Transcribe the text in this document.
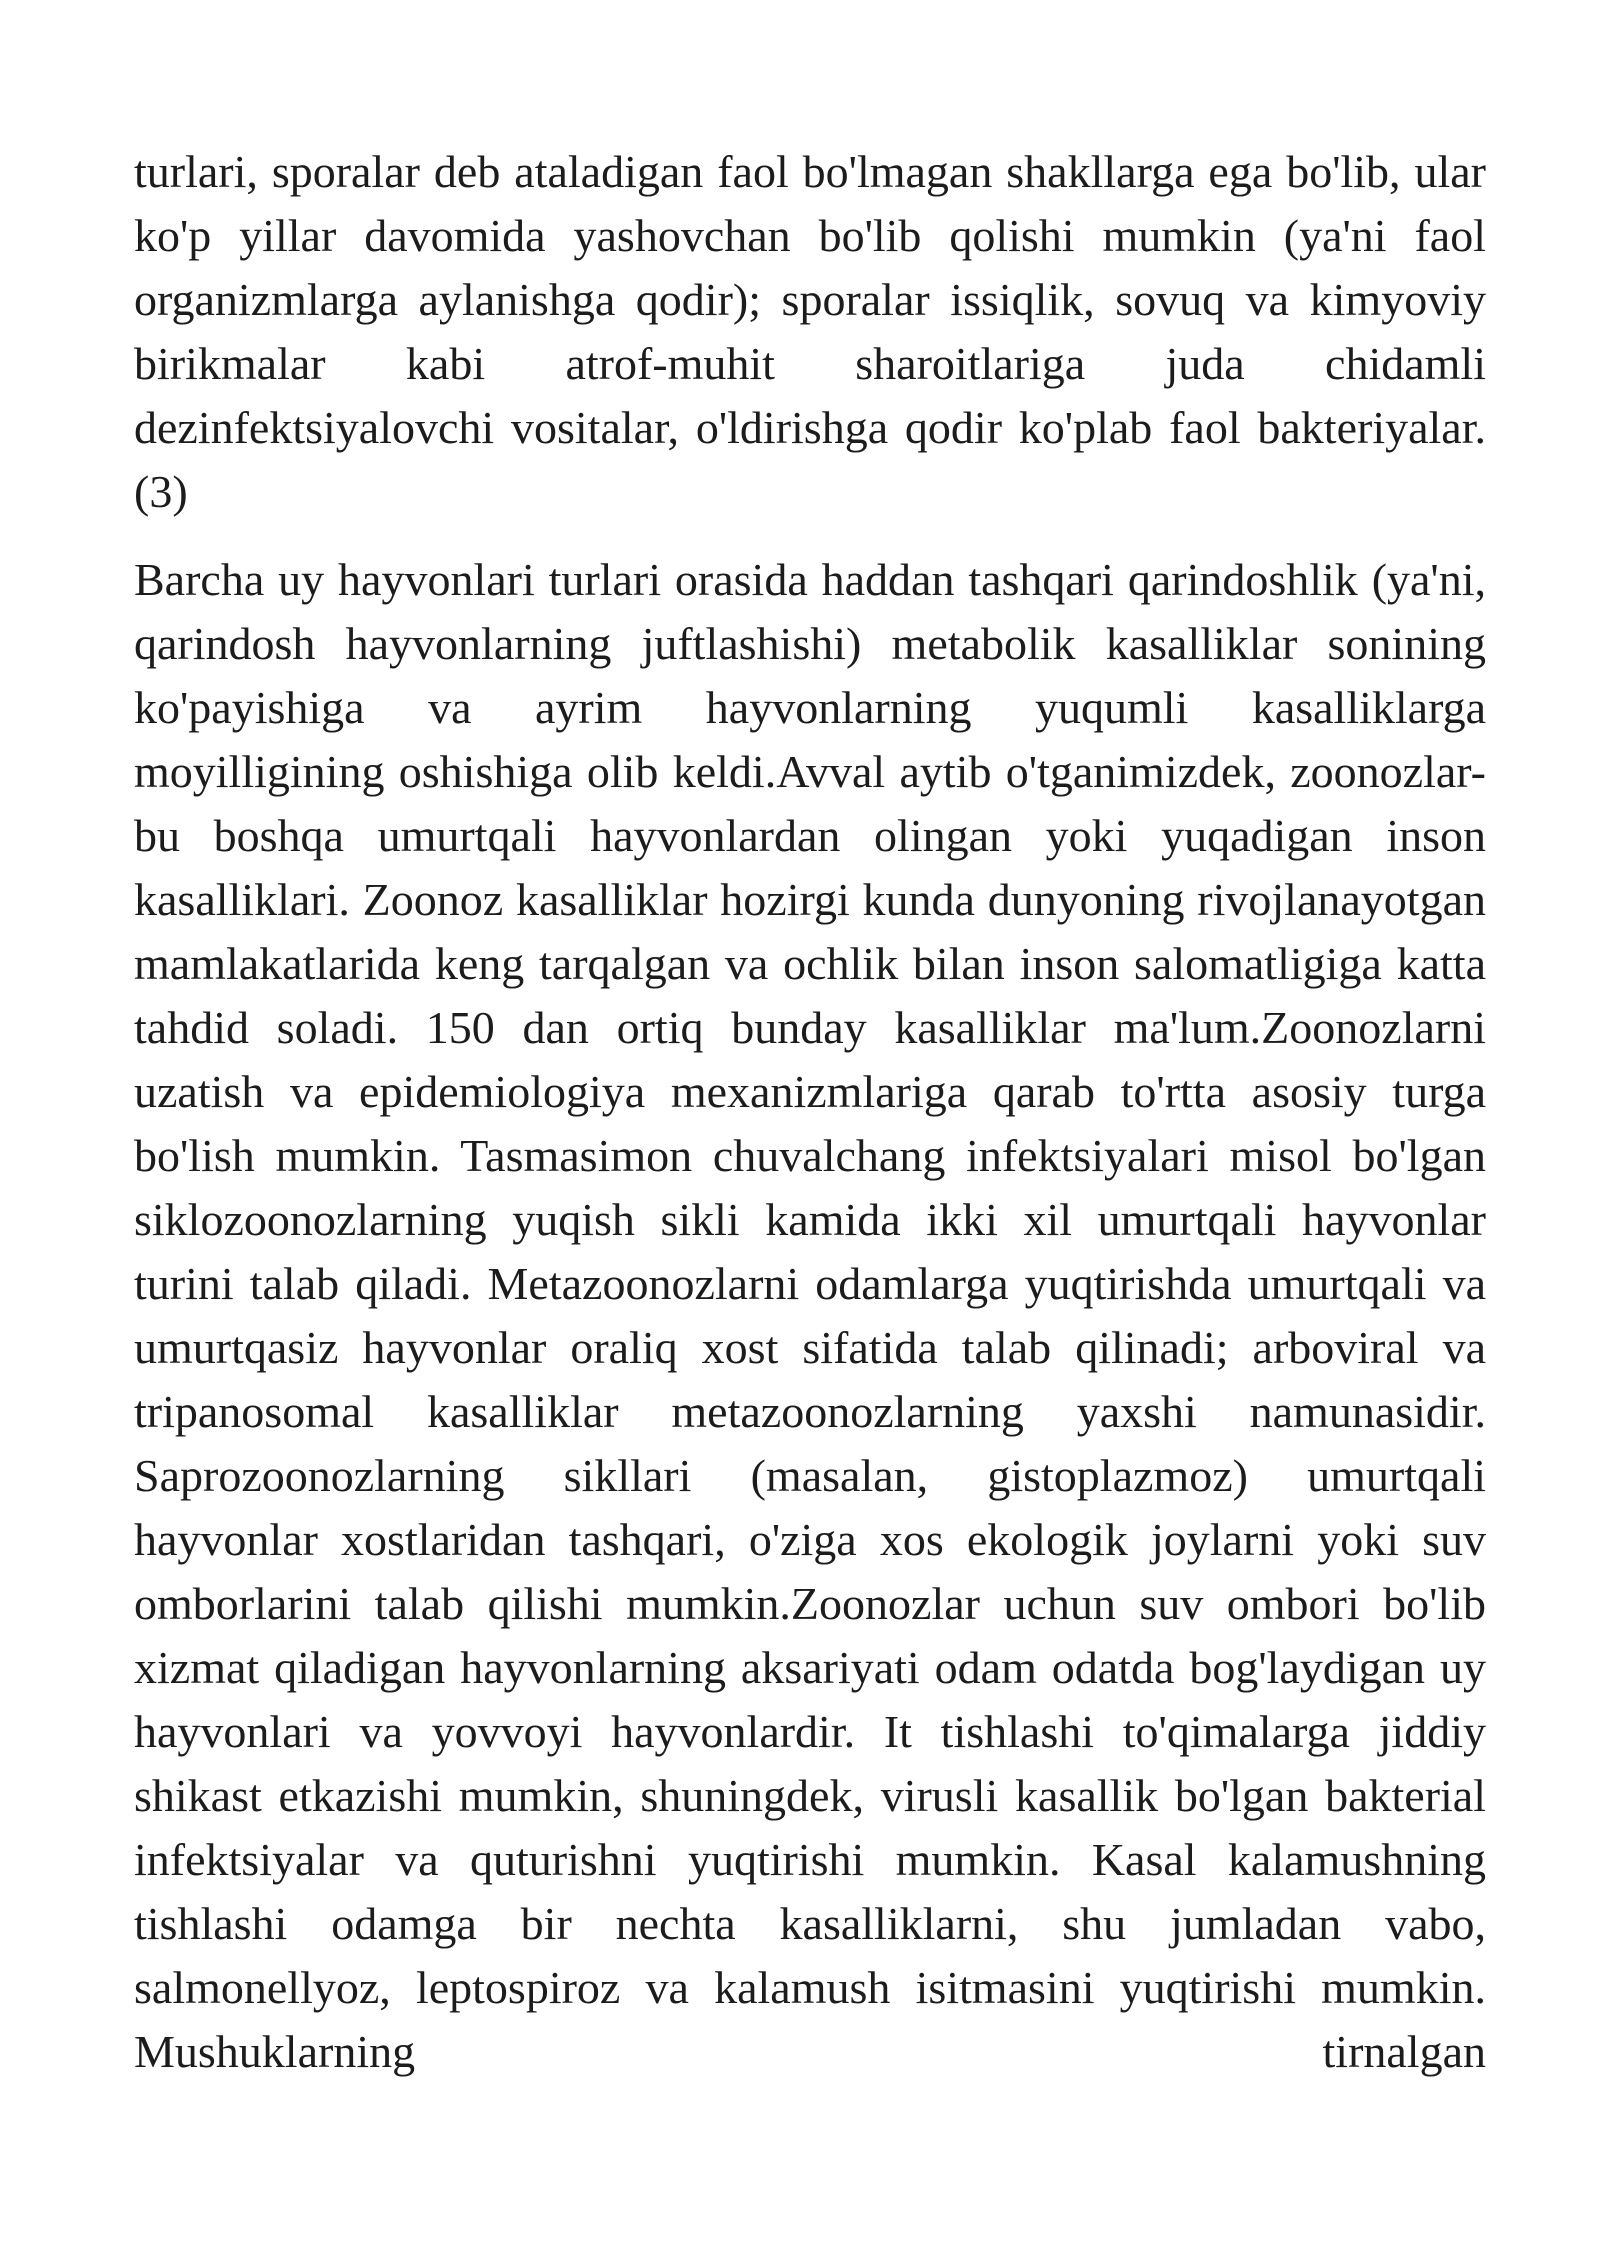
turlari, sporalar deb ataladigan faol bo'lmagan shakllarga ega bo'lib, ular ko'p yillar davomida yashovchan bo'lib qolishi mumkin (ya'ni faol organizmlarga aylanishga qodir); sporalar issiqlik, sovuq va kimyoviy birikmalar kabi atrof-muhit sharoitlariga juda chidamli dezinfektsiyalovchi vositalar, o'ldirishga qodir ko'plab faol bakteriyalar. (3)

Barcha uy hayvonlari turlari orasida haddan tashqari qarindoshlik (ya'ni, qarindosh hayvonlarning juftlashishi) metabolik kasalliklar sonining ko'payishiga va ayrim hayvonlarning yuqumli kasalliklarga moyilligining oshishiga olib keldi.Avval aytib o'tganimizdek, zoonozlar-bu boshqa umurtqali hayvonlardan olingan yoki yuqadigan inson kasalliklari. Zoonoz kasalliklar hozirgi kunda dunyoning rivojlanayotgan mamlakatlarida keng tarqalgan va ochlik bilan inson salomatligiga katta tahdid soladi. 150 dan ortiq bunday kasalliklar ma'lum.Zoonozlarni uzatish va epidemiologiya mexanizmlariga qarab to'rtta asosiy turga bo'lish mumkin. Tasmasimon chuvalchang infektsiyalari misol bo'lgan siklozoonozlarning yuqish sikli kamida ikki xil umurtqali hayvonlar turini talab qiladi. Metazoonozlarni odamlarga yuqtirishda umurtqali va umurtqasiz hayvonlar oraliq xost sifatida talab qilinadi; arboviral va tripanosomal kasalliklar metazoonozlarning yaxshi namunasidir. Saprozoonozlarning sikllari (masalan, gistoplazmoz) umurtqali hayvonlar xostlaridan tashqari, o'ziga xos ekologik joylarni yoki suv omborlarini talab qilishi mumkin.Zoonozlar uchun suv ombori bo'lib xizmat qiladigan hayvonlarning aksariyati odam odatda bog'laydigan uy hayvonlari va yovvoyi hayvonlardir. It tishlashi to'qimalarga jiddiy shikast etkazishi mumkin, shuningdek, virusli kasallik bo'lgan bakterial infektsiyalar va quturishni yuqtirishi mumkin. Kasal kalamushning tishlashi odamga bir nechta kasalliklarni, shu jumladan vabo, salmonellyoz, leptospiroz va kalamush isitmasini yuqtirishi mumkin. Mushuklarning tirnalgan
